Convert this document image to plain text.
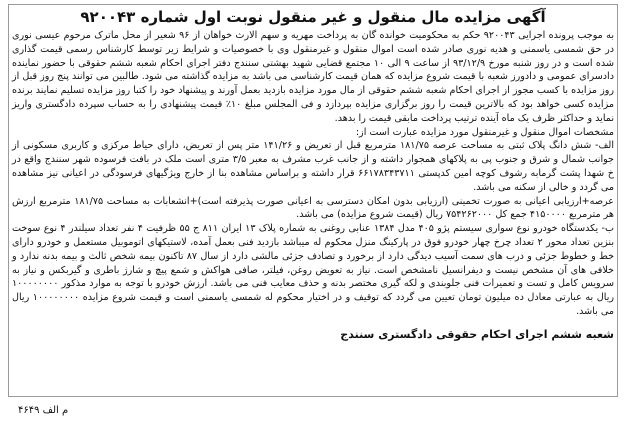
آگهی مزایده مال منقول و غیر منقول نوبت اول شماره ۹۲۰۰۴۳

به موجب پرونده اجرایی ۹۲۰۰۴۳ حکم به محکومیت خوانده گان به پرداخت مهریه و سهم الارث خواهان از ۹۶ شعیر از محل ماترک مرحوم عیسی نوری در حق شمسی یاسمنی و هدیه نوری صادر شده است اموال منقول و غیرمنقول وی با خصوصیات و شرایط زیر توسط کارشناس رسمی قیمت گذاری شده است و در روز شنبه مورخ ۹۳/۱۲/۹ از ساعت ۹ الی ۱۰ مجتمع قضایی شهید بهشتی سنندج دفتر اجرای احکام شعبه ششم حقوقی با حضور نماینده دادسرای عمومی و دادورز شعبه با قیمت شروع مزایده که همان قیمت کارشناسی می باشد به مزایده گذاشته می شود. طالبین می توانند پنج روز قبل از روز مزایده با کسب مجوز از اجرای احکام شعبه ششم حقوقی از مال مورد مزایده بازدید بعمل آورند و پیشنهاد خود را کتبا روز مزایده تسلیم نمایند برنده مزایده کسی خواهد بود که بالاترین قیمت را روز برگزاری مزایده بپردازد و فی المجلس مبلغ ۱۰٪ قیمت پیشنهادی را به حساب سپرده دادگستری واریز نماید و حداکثر ظرف یک ماه آینده ترتیب پرداخت مابقی قیمت را بدهد.

مشخصات اموال منقول و غیرمنقول مورد مزایده عبارت است از:

الف- شش دانگ پلاک ثبتی به مساحت عرصه ۱۸۱/۷۵ مترمربع قبل از تعریض و ۱۴۱/۲۶ متر پس از تعریض، دارای حیاط مرکزی و کاربری مسکونی از جوانب شمال و شرق و جنوب پی به پلاکهای همجوار داشته و از جانب غرب مشرف به معبر ۳/۵ متری است ملک در بافت فرسوده شهر سنندج واقع در خ شهدا پشت گرمابه رشوف کوچه امین کدپستی ۶۶۱۷۸۳۴۳۷۱۱ قرار داشته و براساس مشاهده بنا از خارج ویژگیهای فرسودگی در اعیانی نیز مشاهده می گردد و خالی از سکنه می باشد.

عرصه+ارزیابی اعیانی به صورت تخمینی (ارزیابی بدون امکان دسترسی به اعیانی صورت پذیرفته است)+انشعابات به مساحت ۱۸۱/۷۵ مترمربع ارزش هر مترمربع ۴۱۵۰۰۰۰ جمع کل ۷۵۴۲۶۲۰۰۰ ریال (قیمت شروع مزایده) می باشد.

ب- یکدستگاه خودرو نوع سواری سیستم پژو ۴۰۵ مدل ۱۳۸۴ عنابی روغنی به شماره پلاک ۱۳ ایران ۸۱۱ ج ۵۵ ظرفیت ۴ نفر تعداد سیلندر ۴ نوع سوخت بنزین تعداد محور ۲ تعداد چرخ چهار خودرو فوق در پارکینگ منزل محکوم له میباشد بازدید فنی بعمل آمده، لاستیکهای اتوموبیل مستعمل و خودرو دارای خط و خطوط جزئی و درب های سمت آسیب دیدگی دارد از برخورد و تصادف جزئی مالشی دارد از سال ۸۷ تاکنون بیمه شخص ثالث و بیمه بدنه ندارد و خلافی های آن مشخص نیست و دیفرانسیل نامشخص است. نیاز به تعویض روغن، فیلتر، صافی هواکش و شمع پیچ و شارژ باطری و گیربکس و نیاز به سرویس کامل و تست و تعمیرات فنی جلوبندی و لکه گیری مختصر بدنه و حذف معایب فنی می باشد. ارزش خودرو با توجه به موارد مذکور ۱۰۰۰۰۰۰۰۰ ریال به عبارتی معادل ده میلیون تومان تعیین می گردد که توقیف و در اختیار محکوم له شمسی یاسمنی است و قیمت شروع مزایده ۱۰۰۰۰۰۰۰۰ ریال می باشد.

شعبه ششم اجرای احکام حقوقی دادگستری سنندج
م الف ۴۶۴۹
